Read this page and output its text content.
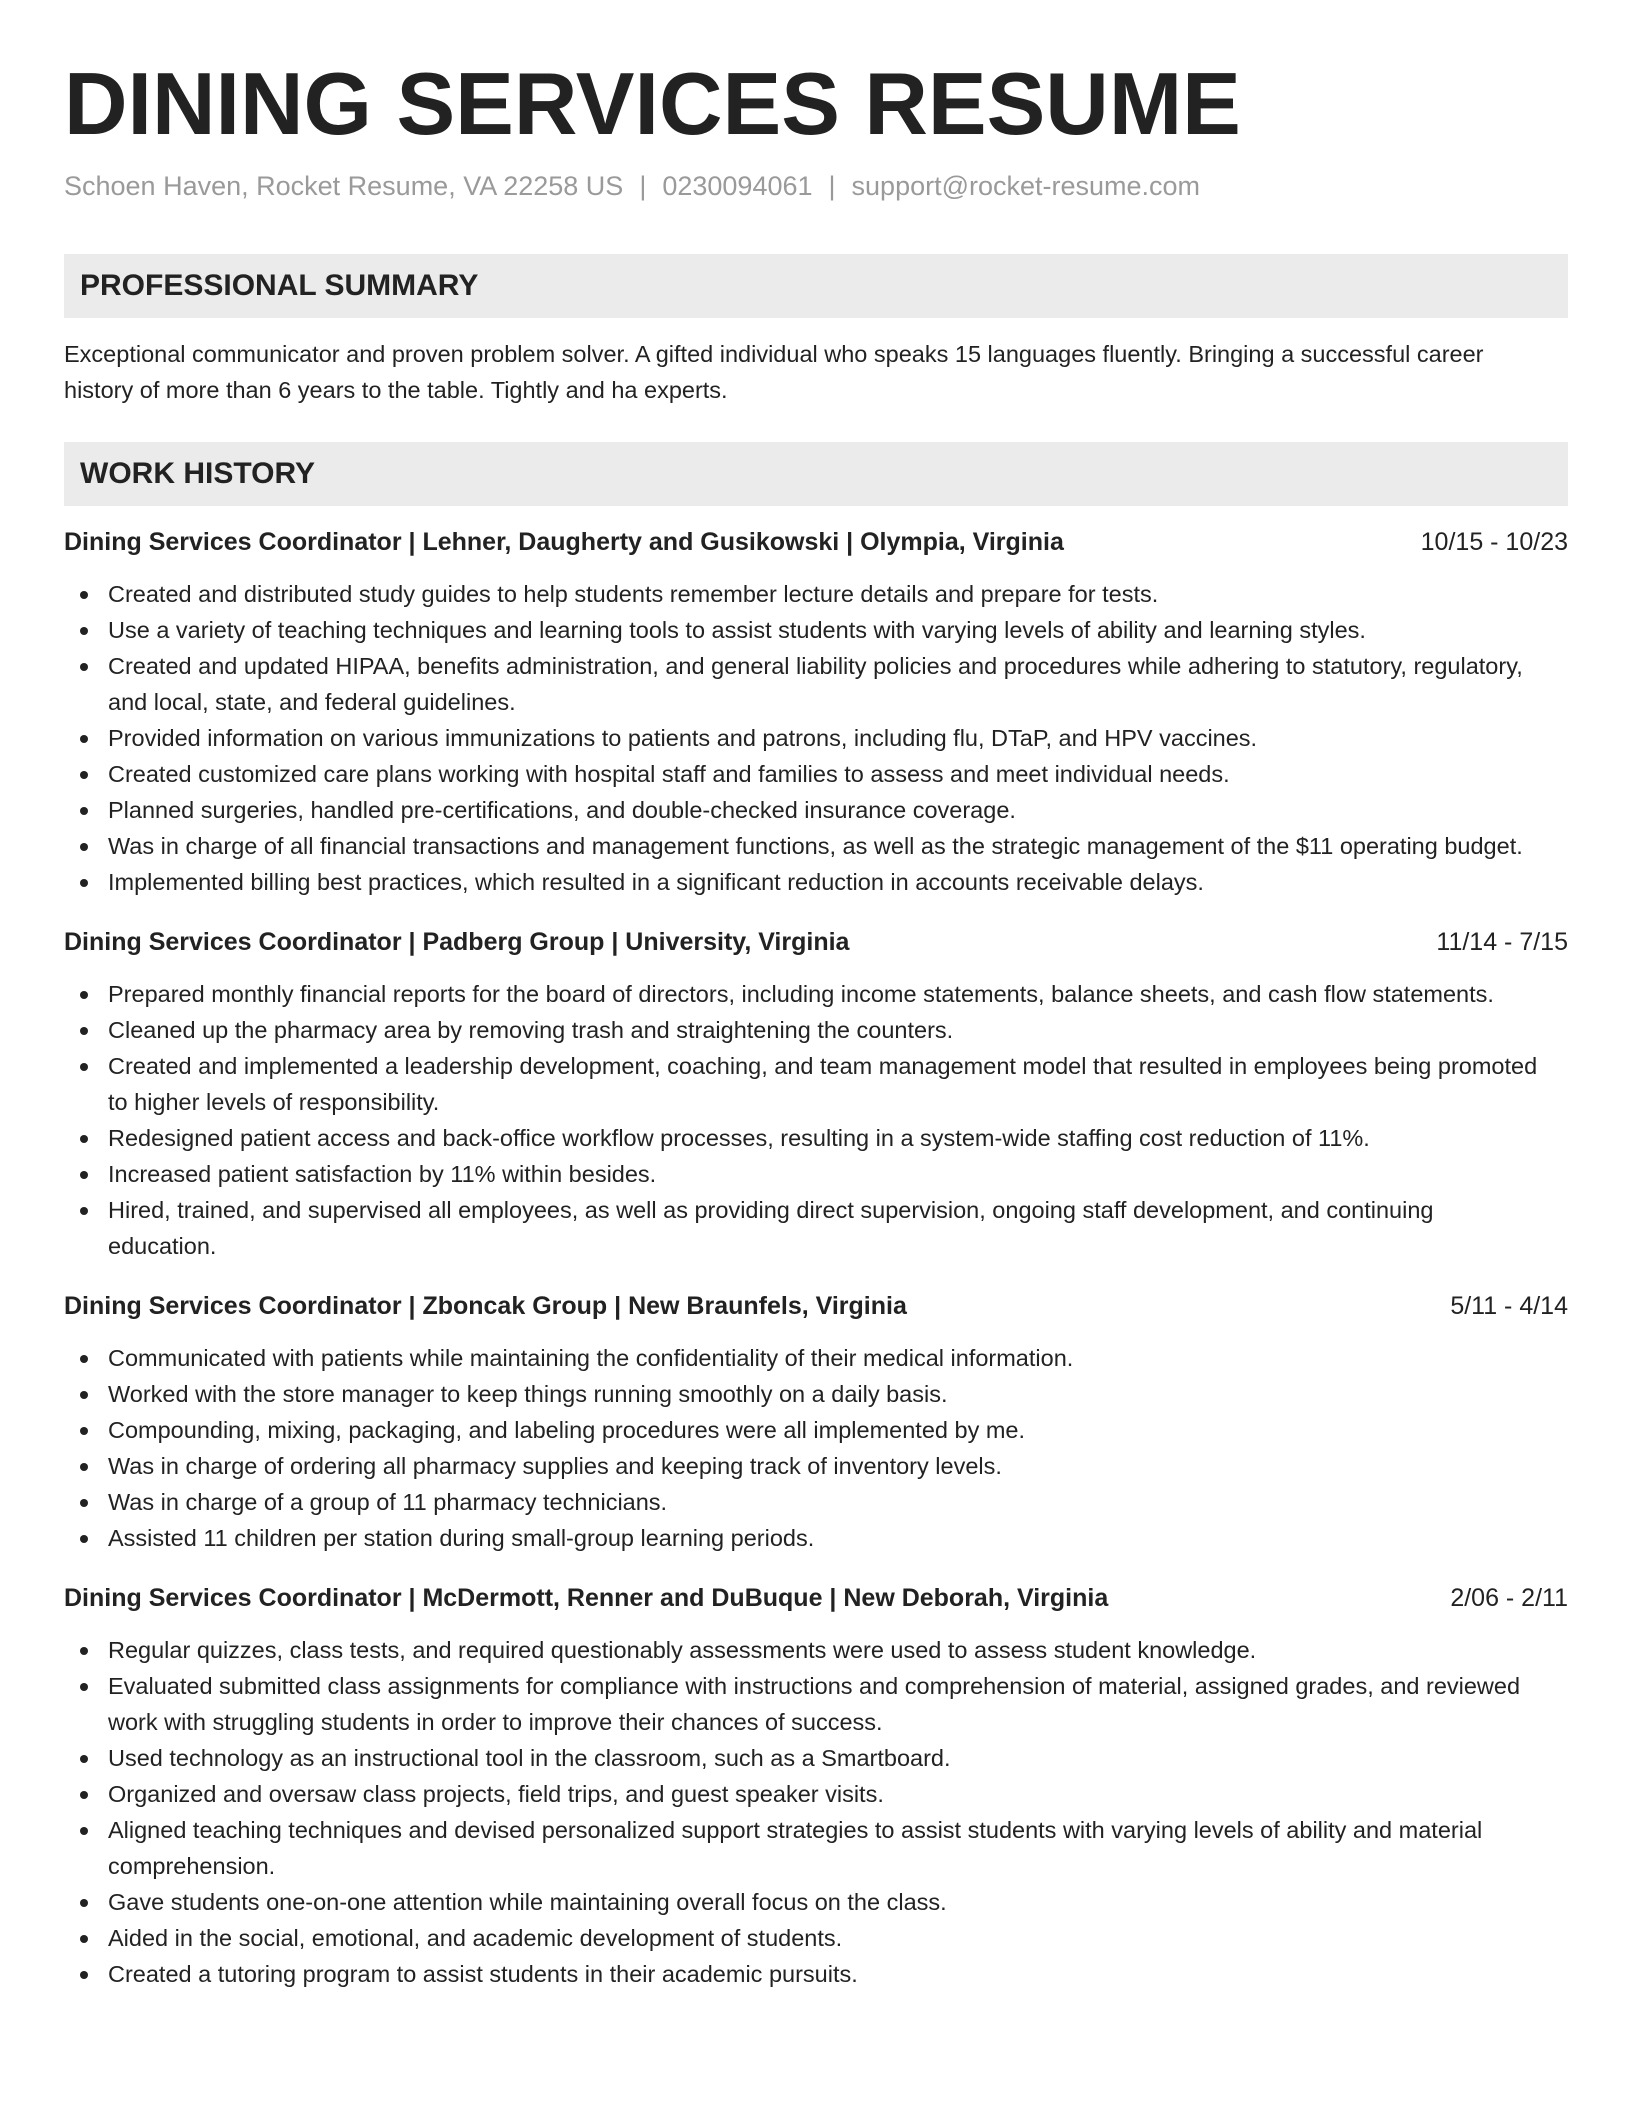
DINING SERVICES RESUME
Schoen Haven, Rocket Resume, VA 22258 US | 0230094061 | support@rocket-resume.com
PROFESSIONAL SUMMARY
Exceptional communicator and proven problem solver. A gifted individual who speaks 15 languages fluently. Bringing a successful career history of more than 6 years to the table. Tightly and ha experts.
WORK HISTORY
Dining Services Coordinator | Lehner, Daugherty and Gusikowski | Olympia, Virginia	10/15 - 10/23
Created and distributed study guides to help students remember lecture details and prepare for tests.
Use a variety of teaching techniques and learning tools to assist students with varying levels of ability and learning styles.
Created and updated HIPAA, benefits administration, and general liability policies and procedures while adhering to statutory, regulatory, and local, state, and federal guidelines.
Provided information on various immunizations to patients and patrons, including flu, DTaP, and HPV vaccines.
Created customized care plans working with hospital staff and families to assess and meet individual needs.
Planned surgeries, handled pre-certifications, and double-checked insurance coverage.
Was in charge of all financial transactions and management functions, as well as the strategic management of the $11 operating budget.
Implemented billing best practices, which resulted in a significant reduction in accounts receivable delays.
Dining Services Coordinator | Padberg Group | University, Virginia	11/14 - 7/15
Prepared monthly financial reports for the board of directors, including income statements, balance sheets, and cash flow statements.
Cleaned up the pharmacy area by removing trash and straightening the counters.
Created and implemented a leadership development, coaching, and team management model that resulted in employees being promoted to higher levels of responsibility.
Redesigned patient access and back-office workflow processes, resulting in a system-wide staffing cost reduction of 11%.
Increased patient satisfaction by 11% within besides.
Hired, trained, and supervised all employees, as well as providing direct supervision, ongoing staff development, and continuing education.
Dining Services Coordinator | Zboncak Group | New Braunfels, Virginia	5/11 - 4/14
Communicated with patients while maintaining the confidentiality of their medical information.
Worked with the store manager to keep things running smoothly on a daily basis.
Compounding, mixing, packaging, and labeling procedures were all implemented by me.
Was in charge of ordering all pharmacy supplies and keeping track of inventory levels.
Was in charge of a group of 11 pharmacy technicians.
Assisted 11 children per station during small-group learning periods.
Dining Services Coordinator | McDermott, Renner and DuBuque | New Deborah, Virginia	2/06 - 2/11
Regular quizzes, class tests, and required questionably assessments were used to assess student knowledge.
Evaluated submitted class assignments for compliance with instructions and comprehension of material, assigned grades, and reviewed work with struggling students in order to improve their chances of success.
Used technology as an instructional tool in the classroom, such as a Smartboard.
Organized and oversaw class projects, field trips, and guest speaker visits.
Aligned teaching techniques and devised personalized support strategies to assist students with varying levels of ability and material comprehension.
Gave students one-on-one attention while maintaining overall focus on the class.
Aided in the social, emotional, and academic development of students.
Created a tutoring program to assist students in their academic pursuits.
